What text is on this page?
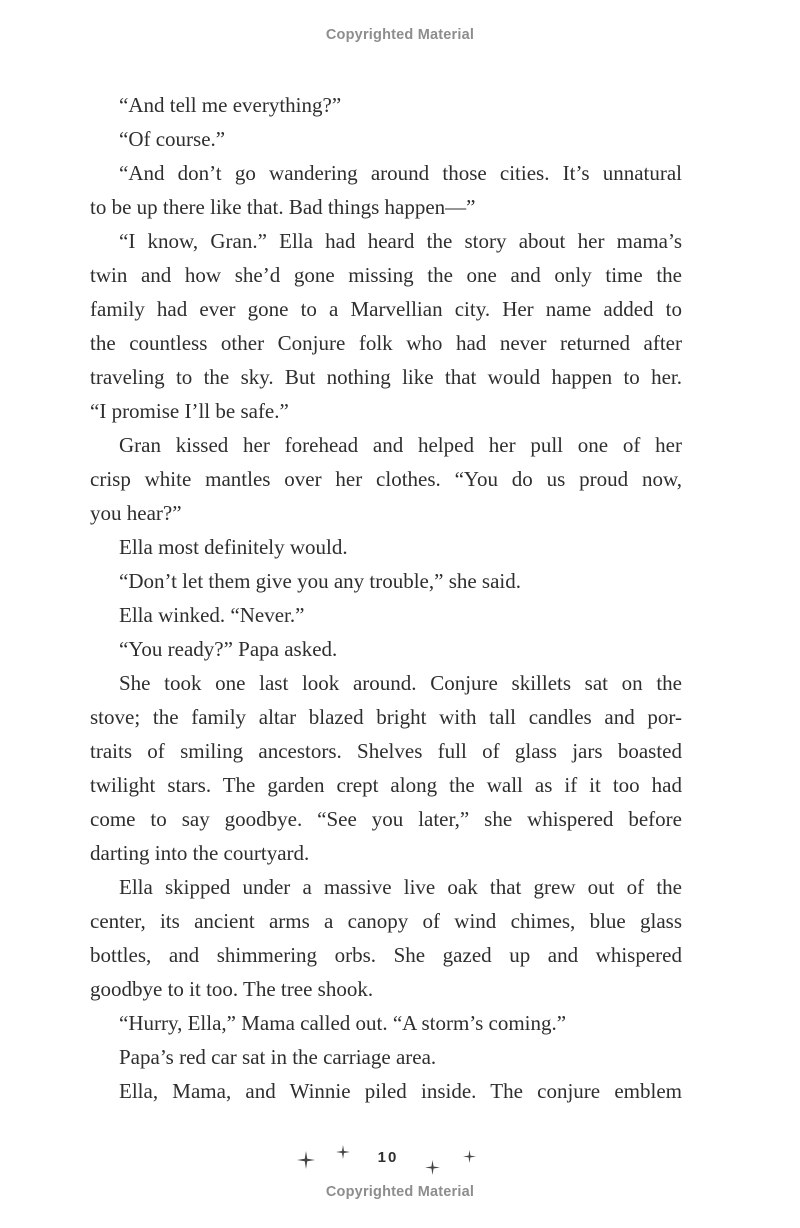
Copyrighted Material
“And tell me everything?”
“Of course.”
“And don’t go wandering around those cities. It’s unnatural
to be up there like that. Bad things happen—”
“I know, Gran.” Ella had heard the story about her mama’s
twin and how she’d gone missing the one and only time the
family had ever gone to a Marvellian city. Her name added to
the countless other Conjure folk who had never returned after
traveling to the sky. But nothing like that would happen to her.
“I promise I’ll be safe.”
Gran kissed her forehead and helped her pull one of her
crisp white mantles over her clothes. “You do us proud now,
you hear?”
Ella most definitely would.
“Don’t let them give you any trouble,” she said.
Ella winked. “Never.”
“You ready?” Papa asked.
She took one last look around. Conjure skillets sat on the
stove; the family altar blazed bright with tall candles and por-
traits of smiling ancestors. Shelves full of glass jars boasted
twilight stars. The garden crept along the wall as if it too had
come to say goodbye. “See you later,” she whispered before
darting into the courtyard.
Ella skipped under a massive live oak that grew out of the
center, its ancient arms a canopy of wind chimes, blue glass
bottles, and shimmering orbs. She gazed up and whispered
goodbye to it too. The tree shook.
“Hurry, Ella,” Mama called out. “A storm’s coming.”
Papa’s red car sat in the carriage area.
Ella, Mama, and Winnie piled inside. The conjure emblem
10
Copyrighted Material
